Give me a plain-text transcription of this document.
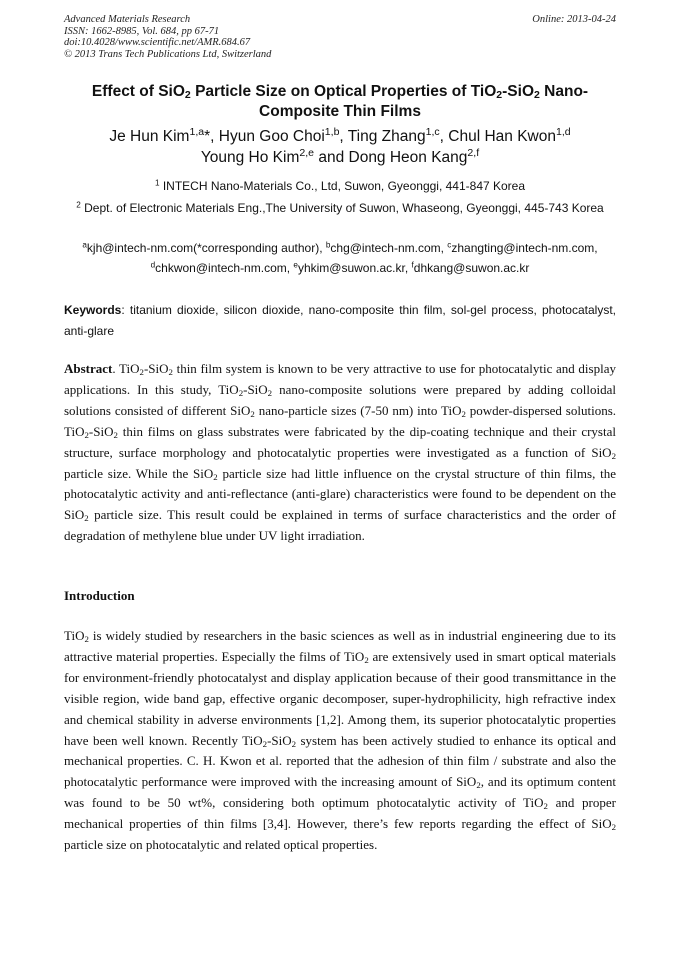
Advanced Materials Research
ISSN: 1662-8985, Vol. 684, pp 67-71
doi:10.4028/www.scientific.net/AMR.684.67
© 2013 Trans Tech Publications Ltd, Switzerland
Online: 2013-04-24
Effect of SiO$_2$ Particle Size on Optical Properties of TiO$_2$-SiO$_2$ Nano-Composite Thin Films
Je Hun Kim$^{1,a}$*, Hyun Goo Choi$^{1,b}$, Ting Zhang$^{1,c}$, Chul Han Kwon$^{1,d}$
Young Ho Kim$^{2,e}$ and Dong Heon Kang$^{2,f}$
$^1$ INTECH Nano-Materials Co., Ltd, Suwon, Gyeonggi, 441-847 Korea
$^2$ Dept. of Electronic Materials Eng.,The University of Suwon, Whaseong, Gyeonggi, 445-743 Korea
$^a$kjh@intech-nm.com(*corresponding author), $^b$chg@intech-nm.com, $^c$zhangting@intech-nm.com,
$^d$chkwon@intech-nm.com, $^e$yhkim@suwon.ac.kr, $^f$dhkang@suwon.ac.kr
Keywords: titanium dioxide, silicon dioxide, nano-composite thin film, sol-gel process, photocatalyst, anti-glare
Abstract. TiO$_2$-SiO$_2$ thin film system is known to be very attractive to use for photocatalytic and display applications. In this study, TiO$_2$-SiO$_2$ nano-composite solutions were prepared by adding colloidal solutions consisted of different SiO$_2$ nano-particle sizes (7-50 nm) into TiO$_2$ powder-dispersed solutions. TiO$_2$-SiO$_2$ thin films on glass substrates were fabricated by the dip-coating technique and their crystal structure, surface morphology and photocatalytic properties were investigated as a function of SiO$_2$ particle size. While the SiO$_2$ particle size had little influence on the crystal structure of thin films, the photocatalytic activity and anti-reflectance (anti-glare) characteristics were found to be dependent on the SiO$_2$ particle size. This result could be explained in terms of surface characteristics and the order of degradation of methylene blue under UV light irradiation.
Introduction
TiO$_2$ is widely studied by researchers in the basic sciences as well as in industrial engineering due to its attractive material properties. Especially the films of TiO$_2$ are extensively used in smart optical materials for environment-friendly photocatalyst and display application because of their good transmittance in the visible region, wide band gap, effective organic decomposer, super-hydrophilicity, high refractive index and chemical stability in adverse environments [1,2]. Among them, its superior photocatalytic properties have been well known. Recently TiO$_2$-SiO$_2$ system has been actively studied to enhance its optical and mechanical properties. C. H. Kwon et al. reported that the adhesion of thin film / substrate and also the photocatalytic performance were improved with the increasing amount of SiO$_2$, and its optimum content was found to be 50 wt%, considering both optimum photocatalytic activity of TiO$_2$ and proper mechanical properties of thin films [3,4]. However, there’s few reports regarding the effect of SiO$_2$ particle size on photocatalytic and related optical properties.
